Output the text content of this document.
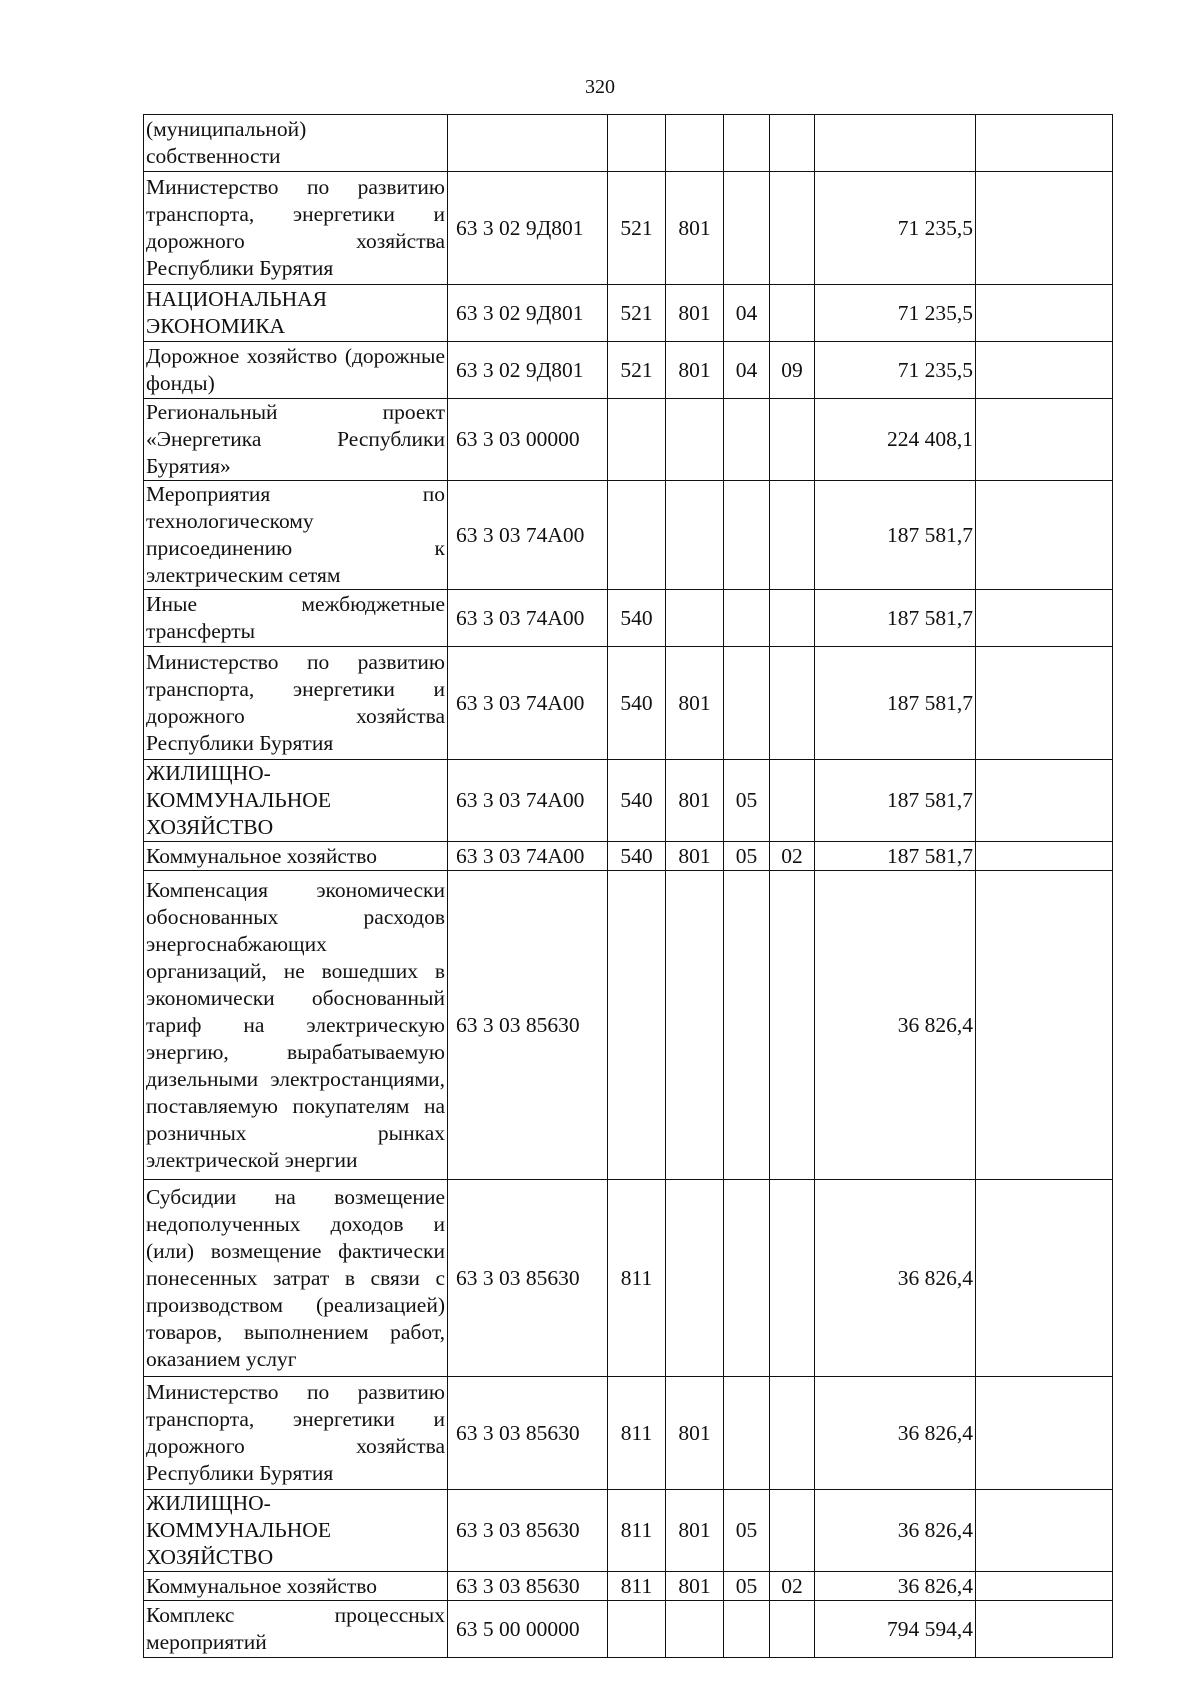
320
(муниципальной) собственности							
Министерство по развитию транспорта, энергетики и дорожного хозяйства Республики Бурятия	63 3 02 9Д801	521	801			71 235,5	
НАЦИОНАЛЬНАЯ ЭКОНОМИКА	63 3 02 9Д801	521	801	04		71 235,5	
Дорожное хозяйство (дорожные фонды)	63 3 02 9Д801	521	801	04	09	71 235,5	
Региональный проект «Энергетика Республики Бурятия»	63 3 03 00000					224 408,1	
Мероприятия по технологическому присоединению к электрическим сетям	63 3 03 74А00					187 581,7	
Иные межбюджетные трансферты	63 3 03 74А00	540				187 581,7	
Министерство по развитию транспорта, энергетики и дорожного хозяйства Республики Бурятия	63 3 03 74А00	540	801			187 581,7	
ЖИЛИЩНО-КОММУНАЛЬНОЕ ХОЗЯЙСТВО	63 3 03 74А00	540	801	05		187 581,7	
Коммунальное хозяйство	63 3 03 74А00	540	801	05	02	187 581,7	
Компенсация экономически обоснованных расходов энергоснабжающих организаций, не вошедших в экономически обоснованный тариф на электрическую энергию, вырабатываемую дизельными электростанциями, поставляемую покупателям на розничных рынках электрической энергии	63 3 03 85630					36 826,4	
Субсидии на возмещение недополученных доходов и (или) возмещение фактически понесенных затрат в связи с производством (реализацией) товаров, выполнением работ, оказанием услуг	63 3 03 85630	811				36 826,4	
Министерство по развитию транспорта, энергетики и дорожного хозяйства Республики Бурятия	63 3 03 85630	811	801			36 826,4	
ЖИЛИЩНО-КОММУНАЛЬНОЕ ХОЗЯЙСТВО	63 3 03 85630	811	801	05		36 826,4	
Коммунальное хозяйство	63 3 03 85630	811	801	05	02	36 826,4	
Комплекс процессных мероприятий	63 5 00 00000					794 594,4	
